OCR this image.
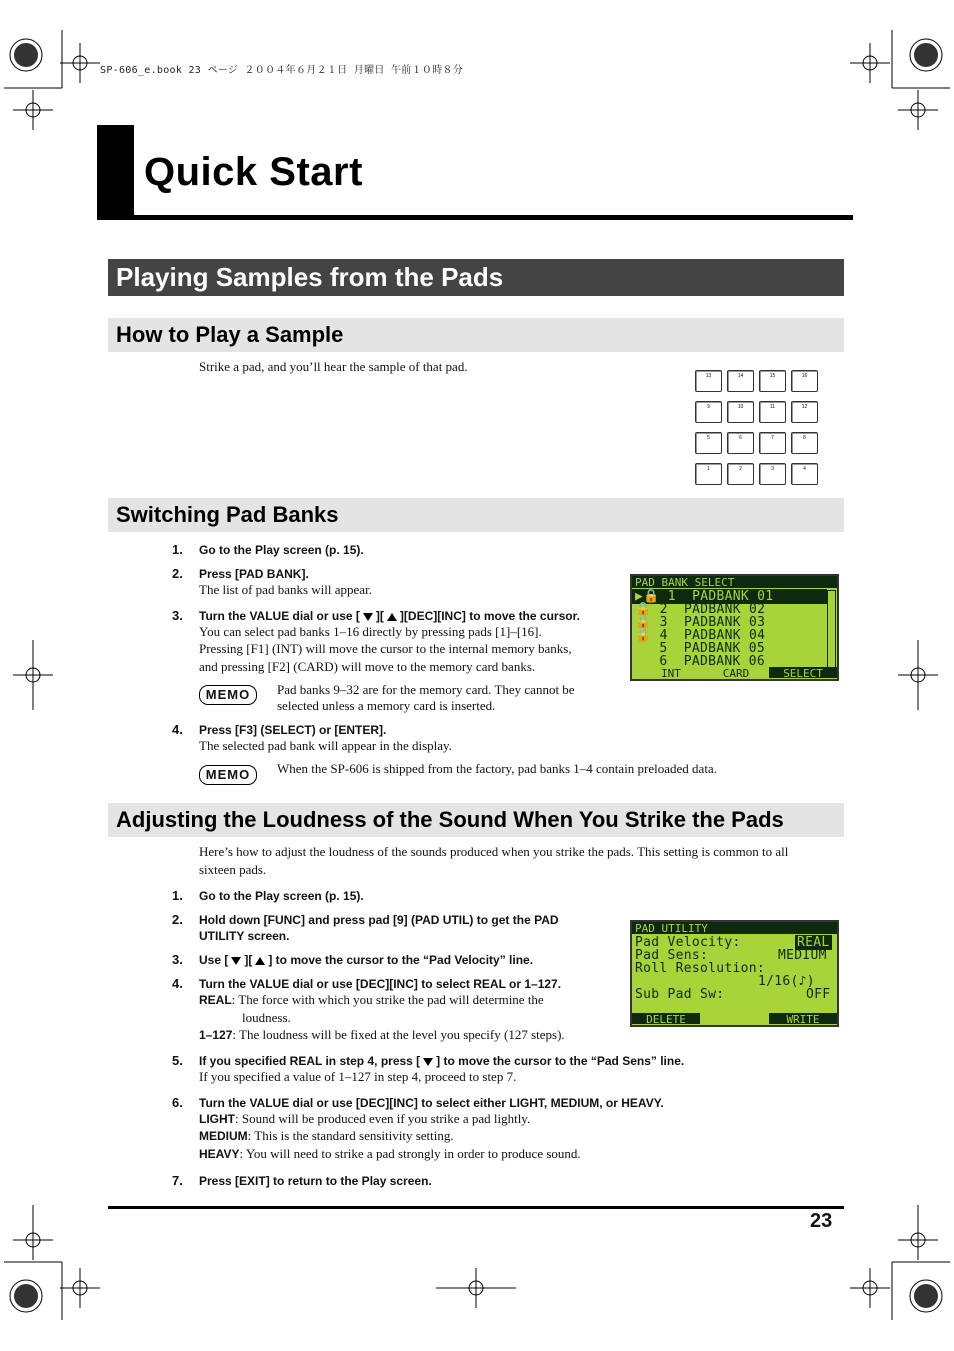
SP-606_e.book 23 ページ ２００４年６月２１日 月曜日 午前１０時８分
Quick Start
Playing Samples from the Pads
How to Play a Sample
Strike a pad, and you’ll hear the sample of that pad.
13	14	15	16
9	10	11	12
5	6	7	8
1	2	3	4
Switching Pad Banks
1. Go to the Play screen (p. 15).
2. Press [PAD BANK].
The list of pad banks will appear.
3. Turn the VALUE dial or use [ ][ ][DEC][INC] to move the cursor.
You can select pad banks 1–16 directly by pressing pads [1]–[16].
Pressing [F1] (INT) will move the cursor to the internal memory banks,
and pressing [F2] (CARD) will move to the memory card banks.
MEMO	Pad banks 9–32 are for the memory card. They cannot be
selected unless a memory card is inserted.
4. Press [F3] (SELECT) or [ENTER].
The selected pad bank will appear in the display.
MEMO	When the SP-606 is shipped from the factory, pad banks 1–4 contain preloaded data.
PAD BANK SELECT
▶🔒 1  PADBANK 01
🔒 2  PADBANK 02
🔒 3  PADBANK 03
🔒 4  PADBANK 04
5  PADBANK 05
6  PADBANK 06
INT	CARD	SELECT
Adjusting the Loudness of the Sound When You Strike the Pads
Here’s how to adjust the loudness of the sounds produced when you strike the pads. This setting is common to all
sixteen pads.
1. Go to the Play screen (p. 15).
2. Hold down [FUNC] and press pad [9] (PAD UTIL) to get the PAD
UTILITY screen.
3. Use [ ][ ] to move the cursor to the “Pad Velocity” line.
4. Turn the VALUE dial or use [DEC][INC] to select REAL or 1–127.
REAL: The force with which you strike the pad will determine the
loudness.
1–127: The loudness will be fixed at the level you specify (127 steps).
5. If you specified REAL in step 4, press [ ] to move the cursor to the “Pad Sens” line.
If you specified a value of 1–127 in step 4, proceed to step 7.
6. Turn the VALUE dial or use [DEC][INC] to select either LIGHT, MEDIUM, or HEAVY.
LIGHT: Sound will be produced even if you strike a pad lightly.
MEDIUM: This is the standard sensitivity setting.
HEAVY: You will need to strike a pad strongly in order to produce sound.
7. Press [EXIT] to return to the Play screen.
PAD UTILITY
Pad Velocity:	REAL
Pad Sens:	MEDIUM
Roll Resolution:
1/16(♪)
Sub Pad Sw:	OFF
DELETE	WRITE
23
